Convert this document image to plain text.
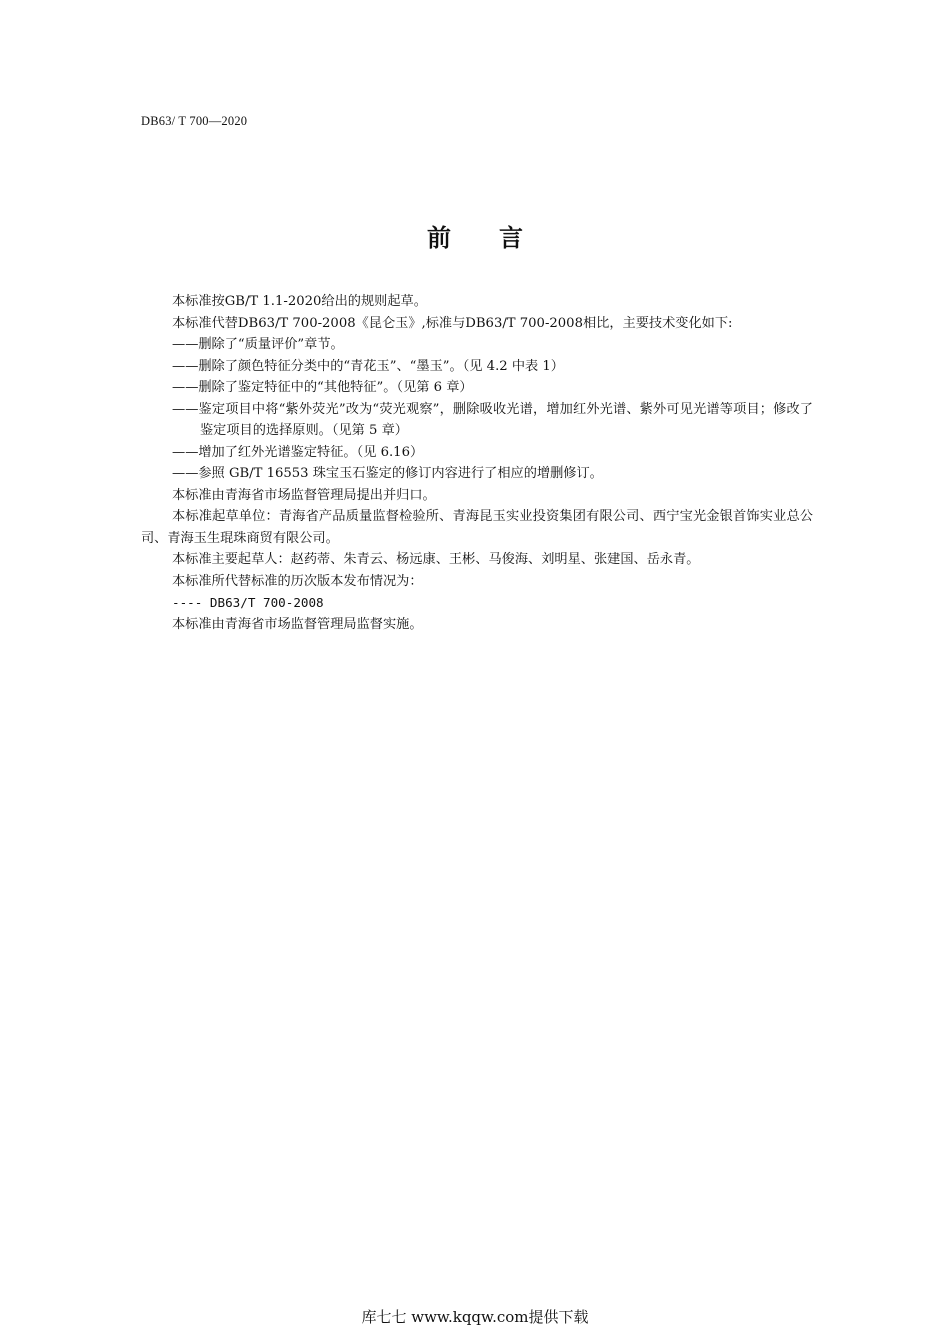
DB63/ T 700—2020
前 言

本标准按GB/T 1.1-2020给出的规则起草。

本标准代替DB63/T 700-2008《昆仑玉》,标准与DB63/T 700-2008相比，主要技术变化如下:

——删除了“质量评价”章节。

——删除了颜色特征分类中的“青花玉”、“墨玉”。（见 4.2 中表 1）

——删除了鉴定特征中的“其他特征”。（见第 6 章）

——鉴定项目中将“紫外荧光”改为“荧光观察”，删除吸收光谱，增加红外光谱、紫外可见光谱等项目；修改了鉴定项目的选择原则。（见第 5 章）

——增加了红外光谱鉴定特征。（见 6.16）

——参照 GB/T 16553 珠宝玉石鉴定的修订内容进行了相应的增删修订。

本标准由青海省市场监督管理局提出并归口。

本标准起草单位：青海省产品质量监督检验所、青海昆玉实业投资集团有限公司、西宁宝光金银首饰实业总公司、青海玉生琨珠商贸有限公司。

本标准主要起草人：赵药蒂、朱青云、杨远康、王彬、马俊海、刘明星、张建国、岳永青。

本标准所代替标准的历次版本发布情况为：

---- DB63/T 700-2008

本标准由青海省市场监督管理局监督实施。

库七七 www.kqqw.com提供下载
